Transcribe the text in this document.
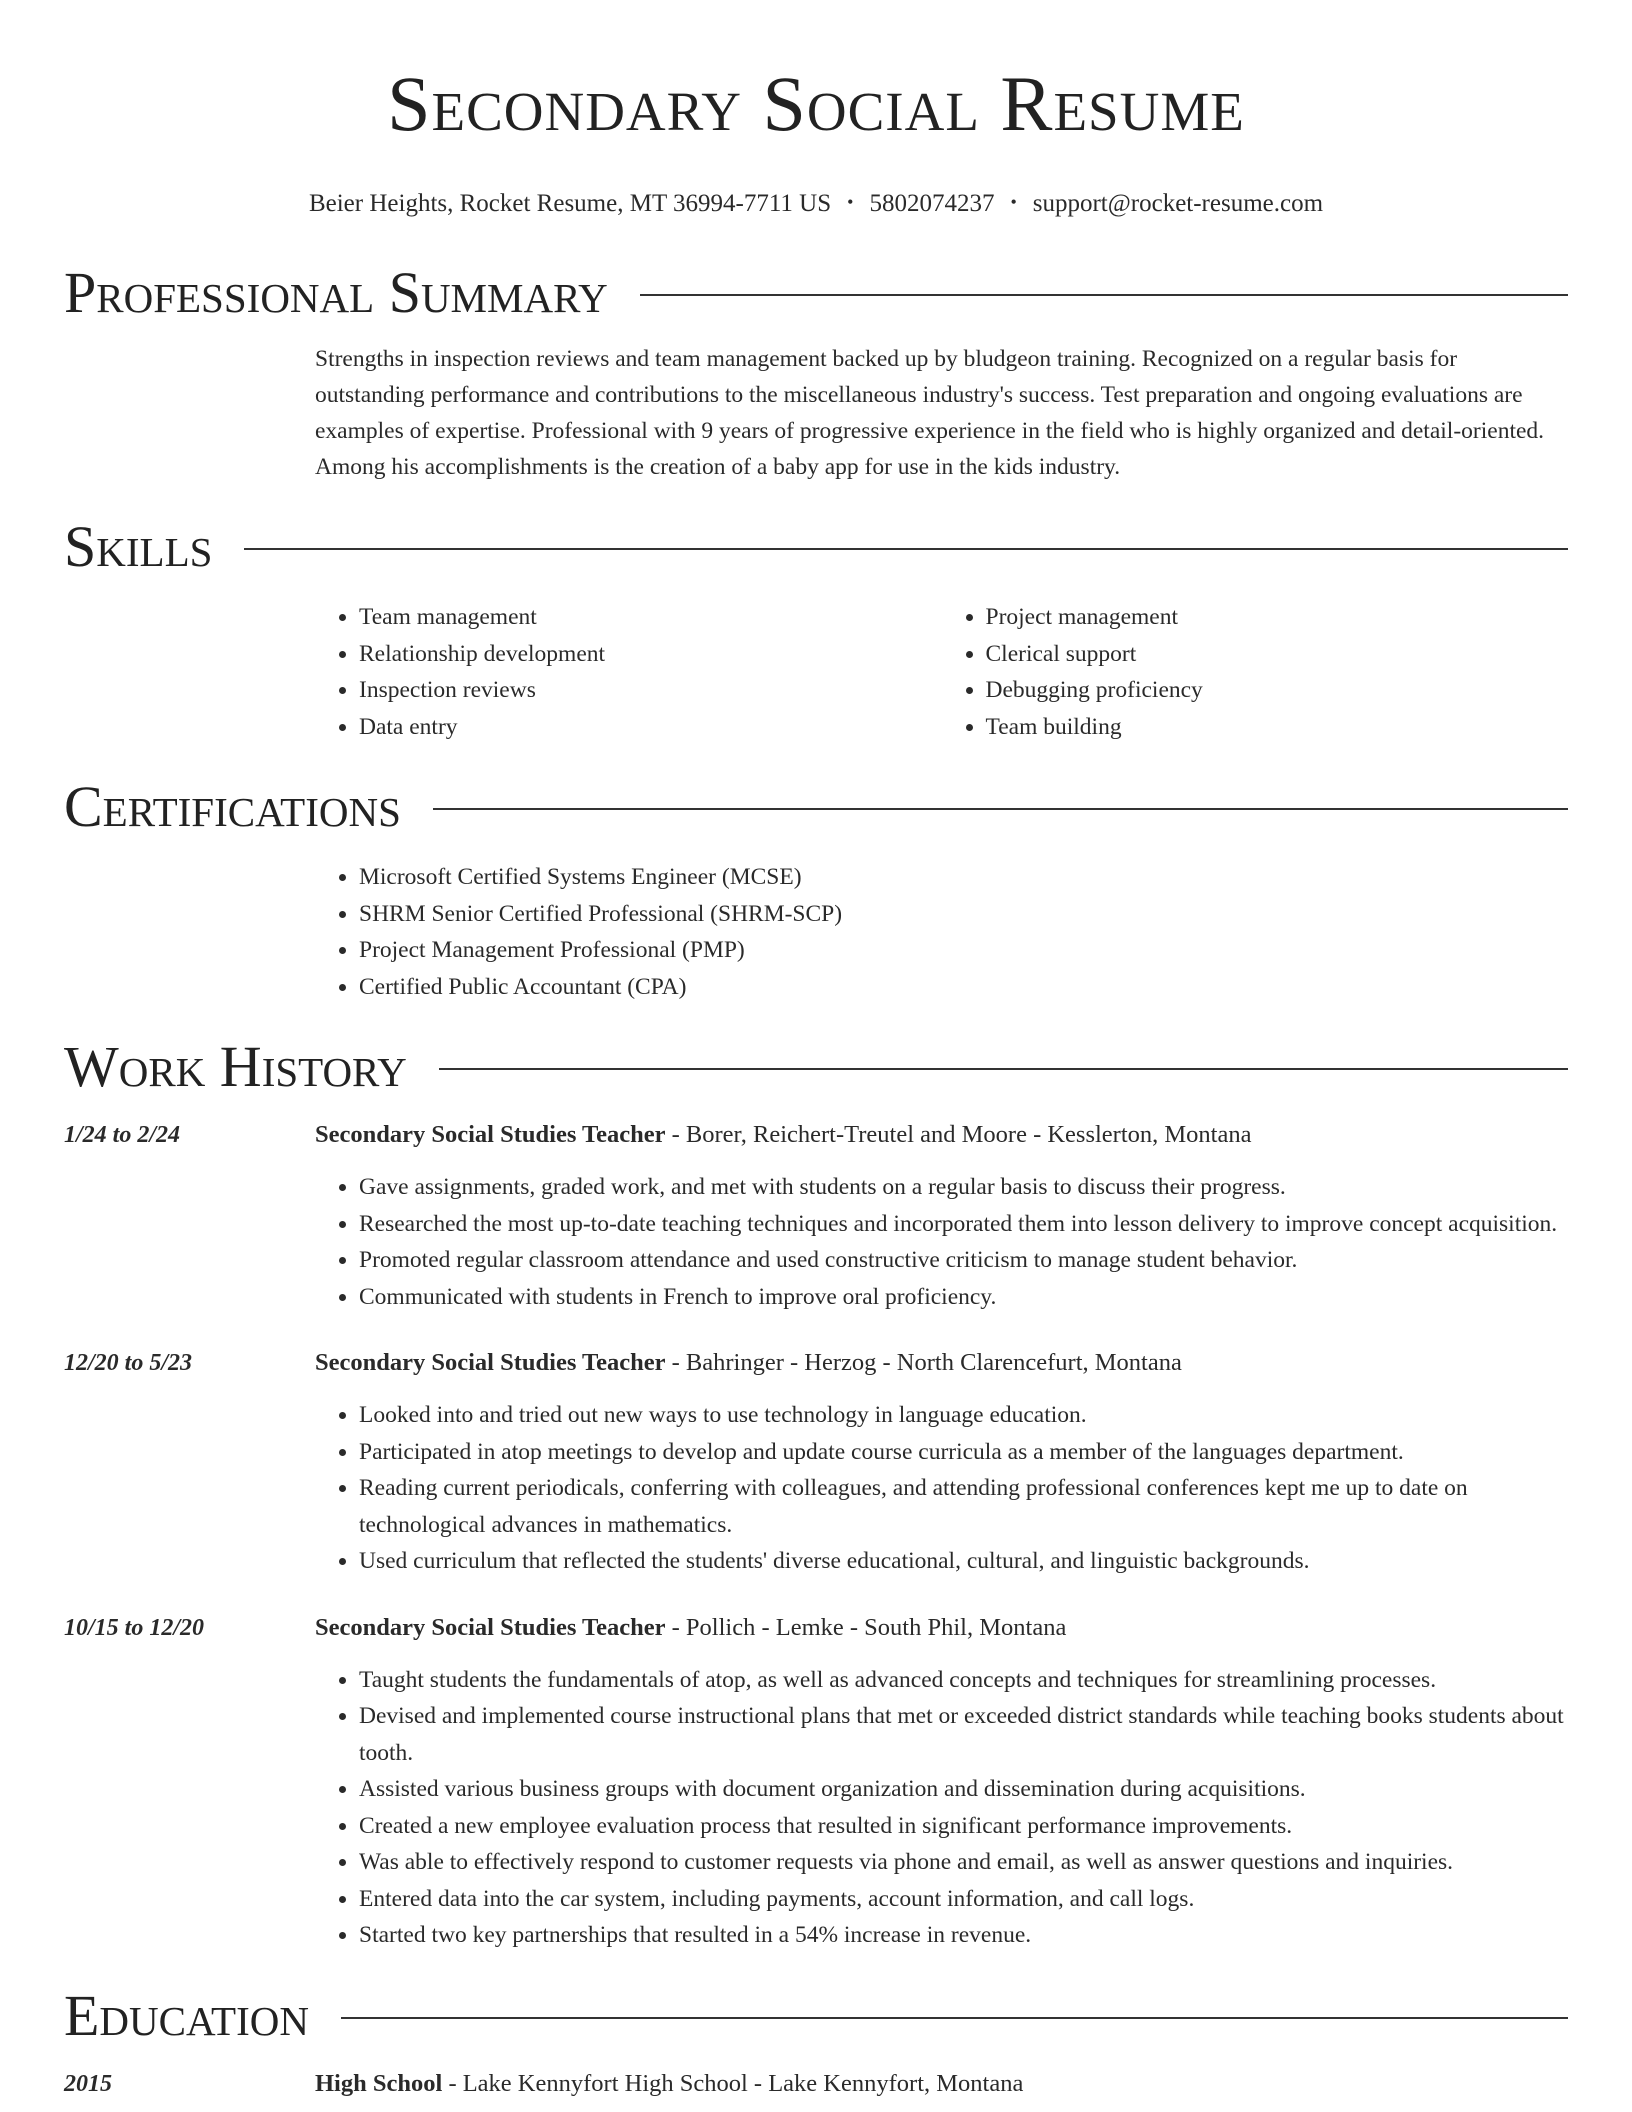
Secondary Social Resume
Beier Heights, Rocket Resume, MT 36994-7711 US • 5802074237 • support@rocket-resume.com
Professional Summary
Strengths in inspection reviews and team management backed up by bludgeon training. Recognized on a regular basis for outstanding performance and contributions to the miscellaneous industry's success. Test preparation and ongoing evaluations are examples of expertise. Professional with 9 years of progressive experience in the field who is highly organized and detail-oriented. Among his accomplishments is the creation of a baby app for use in the kids industry.
Skills
• Team management
• Relationship development
• Inspection reviews
• Data entry
• Project management
• Clerical support
• Debugging proficiency
• Team building
Certifications
• Microsoft Certified Systems Engineer (MCSE)
• SHRM Senior Certified Professional (SHRM-SCP)
• Project Management Professional (PMP)
• Certified Public Accountant (CPA)
Work History
1/24 to 2/24	Secondary Social Studies Teacher - Borer, Reichert-Treutel and Moore - Kesslerton, Montana
• Gave assignments, graded work, and met with students on a regular basis to discuss their progress.
• Researched the most up-to-date teaching techniques and incorporated them into lesson delivery to improve concept acquisition.
• Promoted regular classroom attendance and used constructive criticism to manage student behavior.
• Communicated with students in French to improve oral proficiency.
12/20 to 5/23	Secondary Social Studies Teacher - Bahringer - Herzog - North Clarencefurt, Montana
• Looked into and tried out new ways to use technology in language education.
• Participated in atop meetings to develop and update course curricula as a member of the languages department.
• Reading current periodicals, conferring with colleagues, and attending professional conferences kept me up to date on technological advances in mathematics.
• Used curriculum that reflected the students' diverse educational, cultural, and linguistic backgrounds.
10/15 to 12/20	Secondary Social Studies Teacher - Pollich - Lemke - South Phil, Montana
• Taught students the fundamentals of atop, as well as advanced concepts and techniques for streamlining processes.
• Devised and implemented course instructional plans that met or exceeded district standards while teaching books students about tooth.
• Assisted various business groups with document organization and dissemination during acquisitions.
• Created a new employee evaluation process that resulted in significant performance improvements.
• Was able to effectively respond to customer requests via phone and email, as well as answer questions and inquiries.
• Entered data into the car system, including payments, account information, and call logs.
• Started two key partnerships that resulted in a 54% increase in revenue.
Education
2015	High School - Lake Kennyfort High School - Lake Kennyfort, Montana
